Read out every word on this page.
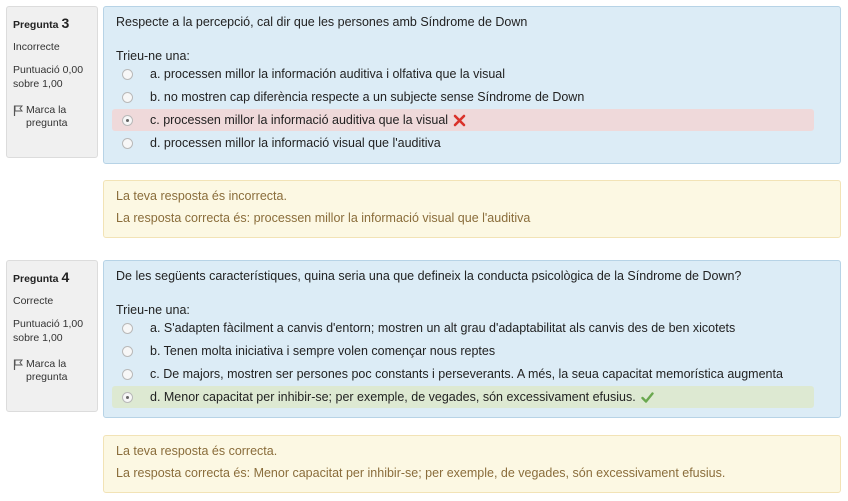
Pregunta 3
Incorrecte
Puntuació 0,00
sobre 1,00
Marca la
pregunta
Respecte a la percepció, cal dir que les persones amb Síndrome de Down
Trieu-ne una:
a. processen millor la información auditiva i olfativa que la visual
b. no mostren cap diferència respecte a un subjecte sense Síndrome de Down
c. processen millor la informació auditiva que la visual
d. processen millor la informació visual que l'auditiva
La teva resposta és incorrecta.
La resposta correcta és: processen millor la informació visual que l'auditiva
Pregunta 4
Correcte
Puntuació 1,00
sobre 1,00
Marca la
pregunta
De les següents característiques, quina seria una que defineix la conducta psicològica de la Síndrome de Down?
Trieu-ne una:
a. S'adapten fàcilment a canvis d'entorn; mostren un alt grau d'adaptabilitat als canvis des de ben xicotets
b. Tenen molta iniciativa i sempre volen començar nous reptes
c. De majors, mostren ser persones poc constants i perseverants. A més, la seua capacitat memorística augmenta
d. Menor capacitat per inhibir-se; per exemple, de vegades, són excessivament efusius.
La teva resposta és correcta.
La resposta correcta és: Menor capacitat per inhibir-se; per exemple, de vegades, són excessivament efusius.
